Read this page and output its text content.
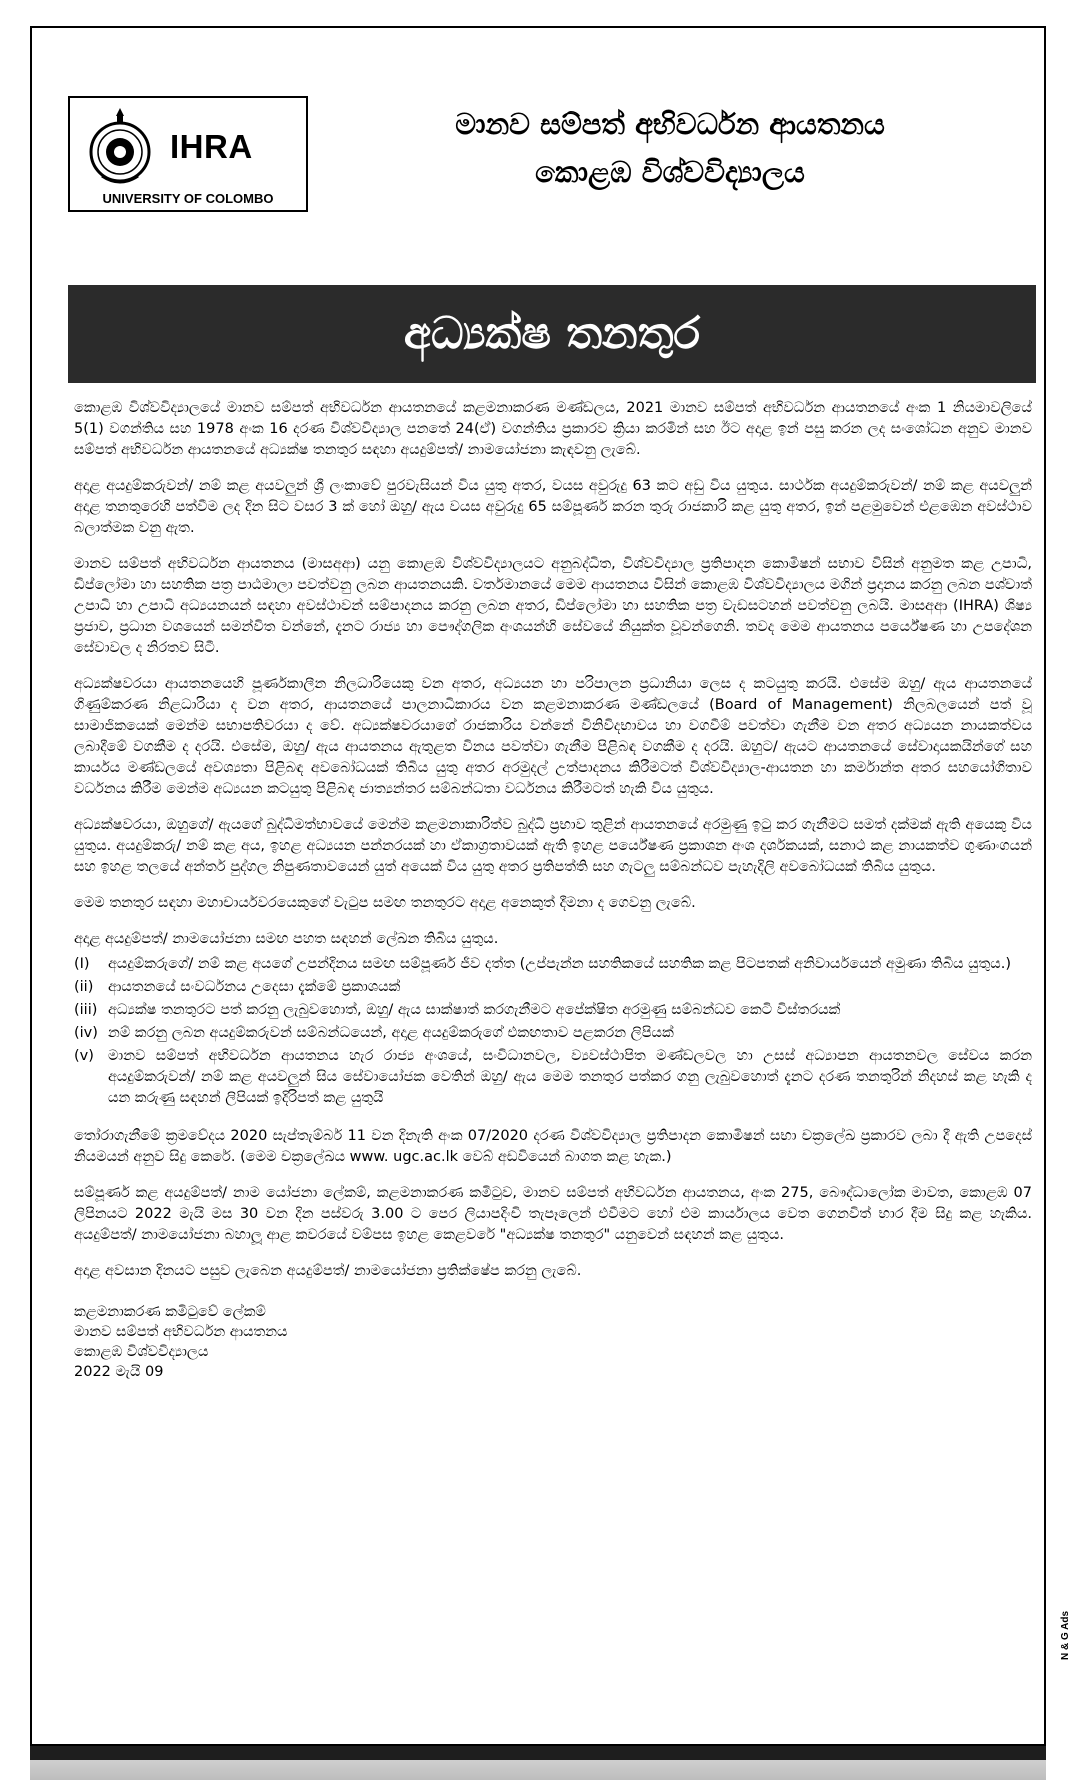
IHRA
UNIVERSITY OF COLOMBO
මානව සම්පත් අභිවර්ධන ආයතනය
කොළඹ විශ්වවිද්‍යාලය
අධ්‍යක්ෂ තනතුර

කොළඹ විශ්වවිද්‍යාලයේ මානව සම්පත් අභිවර්ධන ආයතනයේ කළමනාකරණ මණ්ඩලය, 2021 මානව සම්පත් අභිවර්ධන ආයතනයේ අංක 1 නියමාවලියේ 5(1) වගන්තිය සහ 1978 අංක 16 දරණ විශ්වවිද්‍යාල පනතේ 24(ඒ) වගන්තිය ප්‍රකාරව ක්‍රියා කරමින් සහ ඊට අදාළ ඉන් පසු කරන ලද සංශෝධන අනුව මානව සම්පත් අභිවර්ධන ආයතනයේ අධ්‍යක්ෂ තනතුර සඳහා අයදුම්පත්/ නාමයෝජනා කැඳවනු ලැබේ.

අදාළ අයදුම්කරුවන්/ නම් කළ අයවලුන් ශ්‍රී ලංකාවේ පුරවැසියන් විය යුතු අතර, වයස අවුරුදු 63 කට අඩු විය යුතුය. සාර්ථක අයදුම්කරුවන්/ නම් කළ අයවලුන් අදාළ තනතුරෙහි පත්වීම ලද දින සිට වසර 3 ක් හෝ ඔහු/ ඇය වයස අවුරුදු 65 සම්පූර්ණ කරන තුරු රාජකාරි කළ යුතු අතර, ඉන් පළමුවෙන් එළඹෙන අවස්ථාව බලාත්මක වනු ඇත.

මානව සම්පත් අභිවර්ධන ආයතනය (මාසඅආ) යනු කොළඹ විශ්වවිද්‍යාලයට අනුබද්ධිත, විශ්වවිද්‍යාල ප්‍රතිපාදන කොමිෂන් සභාව විසින් අනුමත කළ උපාධි, ඩිප්ලෝමා හා සහතික පත්‍ර පාඨමාලා පවත්වනු ලබන ආයතනයකි. වර්තමානයේ මෙම ආයතනය විසින් කොළඹ විශ්වවිද්‍යාලය මගින් ප්‍රදානය කරනු ලබන පශ්චාත් උපාධි හා උපාධි අධ්‍යයනයන් සඳහා අවස්ථාවන් සම්පාදනය කරනු ලබන අතර, ඩිප්ලෝමා හා සහතික පත්‍ර වැඩසටහන් පවත්වනු ලබයි. මාසඅආ (IHRA) ශිෂ්‍ය ප්‍රජාව, ප්‍රධාන වශයෙන් සමන්විත වන්නේ, දැනට රාජ්‍ය හා පෞද්ගලික අංශයන්හි සේවයේ නියුක්ත වූවන්ගෙනි. තවද මෙම ආයතනය පර්යේෂණ හා උපදේශන සේවාවල ද නිරතව සිටී.

අධ්‍යක්ෂවරයා ආයතනයෙහි පූර්ණකාලීන නිලධාරියෙකු වන අතර, අධ්‍යයන හා පරිපාලන ප්‍රධානියා ලෙස ද කටයුතු කරයි. එසේම ඔහු/ ඇය ආයතනයේ ගිණුම්කරණ නිළධාරියා ද වන අතර, ආයතනයේ පාලනාධිකාරය වන කළමනාකරණ මණ්ඩලයේ (Board of Management) නිලබලයෙන් පත් වූ සාමාජිකයෙක් මෙන්ම සභාපතිවරයා ද වේ. අධ්‍යක්ෂවරයාගේ රාජකාරිය වන්නේ විනිවිදභාවය හා වගවීම් පවත්වා ගැනීම වන අතර අධ්‍යයන නායකත්වය ලබාදීමේ වගකීම ද දරයි. එසේම, ඔහු/ ඇය ආයතනය ඇතුළත විනය පවත්වා ගැනීම පිළිබඳ වගකීම ද දරයි. ඔහුට/ ඇයට ආයතනයේ සේවාදායකයින්ගේ සහ කාර්යය මණ්ඩලයේ අවශ්‍යතා පිළිබඳ අවබෝධයක් තිබිය යුතු අතර අරමුදල් උත්පාදනය කිරීමටත් විශ්වවිද්‍යාල-ආයතන හා කර්මාන්ත අතර සහයෝගිතාව වර්ධනය කිරීම මෙන්ම අධ්‍යයන කටයුතු පිළිබඳ ජාත්‍යන්තර සම්බන්ධතා වර්ධනය කිරීමටත් හැකි විය යුතුය.

අධ්‍යක්ෂවරයා, ඔහුගේ/ ඇයගේ බුද්ධිමත්භාවයේ මෙන්ම කළමනාකාරිත්ව බුද්ධි ප්‍රභාව තුළින් ආයතනයේ අරමුණු ඉටු කර ගැනීමට සමත් දක්මක් ඇති අයෙකු විය යුතුය. අයදුම්කරු/ නම් කළ අය, ඉහළ අධ්‍යයන පන්නරයක් හා ඒකාග්‍රතාවයක් ඇති ඉහළ පර්යේෂණ ප්‍රකාශන අංශ දර්ශකයක්, සනාථ කළ නායකත්ව ගුණාංගයන් සහ ඉහළ තලයේ අන්තර් පුද්ගල නිපුණතාවයෙන් යුත් අයෙක් විය යුතු අතර ප්‍රතිපත්ති සහ ගැටලු සම්බන්ධව පැහැදිලි අවබෝධයක් තිබිය යුතුය.

මෙම තනතුර සඳහා මහාචාර්යවරයෙකුගේ වැටුප සමඟ තනතුරට අදාළ අනෙකුත් දීමනා ද ගෙවනු ලැබේ.

අදාළ අයදුම්පත්/ නාමයෝජනා සමඟ පහත සඳහන් ලේඛන තිබිය යුතුය.

(I)	අයදුම්කරුගේ/ නම් කළ අයගේ උපන්දිනය සමඟ සම්පූර්ණ ජීව දත්ත (උප්පැන්න සහතිකයේ සහතික කළ පිටපතක් අනිවාර්යයෙන් අමුණා තිබිය යුතුය.)
(ii)	ආයතනයේ සංවර්ධනය උදෙසා දැක්මේ ප්‍රකාශයක්
(iii) අධ්‍යක්ෂ තනතුරට පත් කරනු ලැබුවහොත්, ඔහු/ ඇය සාක්ෂාත් කරගැනීමට අපේක්ෂිත අරමුණු සම්බන්ධව කෙටි විස්තරයක්
(iv) නම් කරනු ලබන අයදුම්කරුවන් සම්බන්ධයෙන්, අදාළ අයදුම්කරුගේ එකඟතාව පළකරන ලිපියක්
(v) මානව සම්පත් අභිවර්ධන ආයතනය හැර රාජ්‍ය අංශයේ, සංවිධානවල, ව්‍යවස්ථාපිත මණ්ඩලවල හා උසස් අධ්‍යාපන ආයතනවල සේවය කරන අයදුම්කරුවන්/ නම් කළ අයවලුන් සිය සේවායෝජක වෙතින් ඔහු/ ඇය මෙම තනතුර පත්කර ගනු ලැබුවහොත් දැනට දරණ තනතුරින් නිදහස් කළ හැකි ද යන කරුණු සඳහන් ලිපියක් ඉදිරිපත් කළ යුතුයි

තෝරාගැනීමේ ක්‍රමවේදය 2020 සැප්තැම්බර් 11 වන දිනැති අංක 07/2020 දරණ විශ්වවිද්‍යාල ප්‍රතිපාදන කොමිෂන් සභා චක්‍රලේඛ ප්‍රකාරව ලබා දී ඇති උපදෙස් නියමයන් අනුව සිදු කෙරේ. (මෙම චක්‍රලේඛය www. ugc.ac.lk වෙබ් අඩවියෙන් බාගත කළ හැක.)

සම්පූර්ණ කළ අයදුම්පත්/ නාම යෝජනා ලේකම්, කළමනාකරණ කමිටුව, මානව සම්පත් අභිවර්ධන ආයතනය, අංක 275, බෞද්ධාලෝක මාවත, කොළඹ 07 ලිපිනයට 2022 මැයි මස 30 වන දින පස්වරු 3.00 ට පෙර ලියාපදිංචි තැපෑලෙන් එවීමට හෝ එම කාර්යාලය වෙත ගෙනවිත් භාර දීම සිදු කළ හැකිය. අයදුම්පත්/ නාමයෝජනා බහාලූ ආළ කවරයේ වම්පස ඉහළ කෙළවරේ "අධ්‍යක්ෂ තනතුර" යනුවෙන් සඳහන් කළ යුතුය.

අදාළ අවසාන දිනයට පසුව ලැබෙන අයදුම්පත්/ නාමයෝජනා ප්‍රතික්ෂේප කරනු ලැබේ.

කළමනාකරණ කමිටුවේ ලේකම්
මානව සම්පත් අභිවර්ධන ආයතනය
කොළඹ විශ්වවිද්‍යාලය
2022 මැයි 09
N & G Ads
